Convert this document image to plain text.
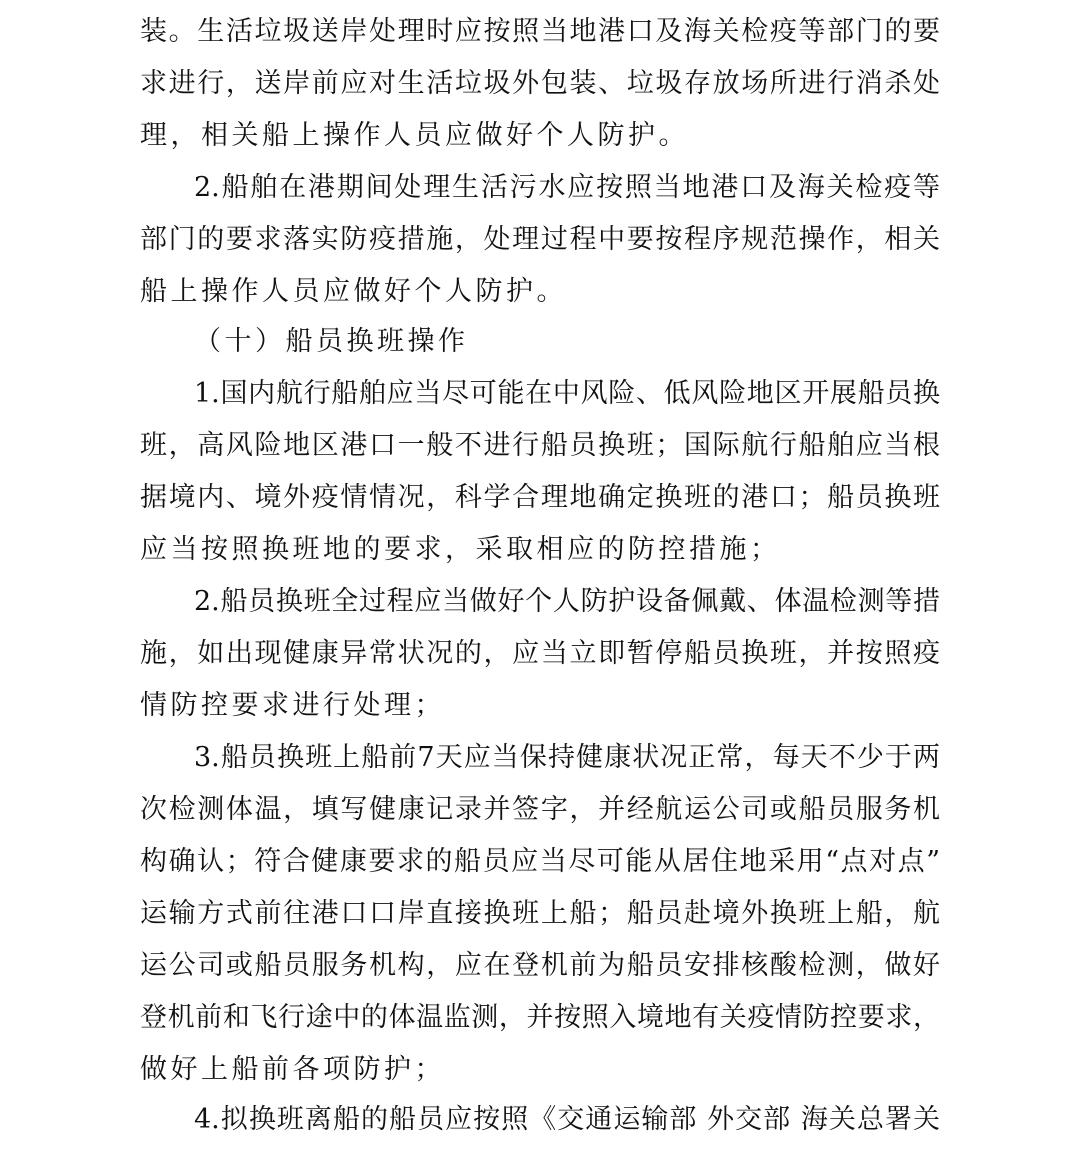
装。生活垃圾送岸处理时应按照当地港口及海关检疫等部门的要
求进行，送岸前应对生活垃圾外包装、垃圾存放场所进行消杀处
理，相关船上操作人员应做好个人防护。
2.船舶在港期间处理生活污水应按照当地港口及海关检疫等
部门的要求落实防疫措施，处理过程中要按程序规范操作，相关
船上操作人员应做好个人防护。
（十）船员换班操作
1.国内航行船舶应当尽可能在中风险、低风险地区开展船员换
班，高风险地区港口一般不进行船员换班；国际航行船舶应当根
据境内、境外疫情情况，科学合理地确定换班的港口；船员换班
应当按照换班地的要求，采取相应的防控措施；
2.船员换班全过程应当做好个人防护设备佩戴、体温检测等措
施，如出现健康异常状况的，应当立即暂停船员换班，并按照疫
情防控要求进行处理；
3.船员换班上船前7天应当保持健康状况正常，每天不少于两
次检测体温，填写健康记录并签字，并经航运公司或船员服务机
构确认；符合健康要求的船员应当尽可能从居住地采用“点对点”
运输方式前往港口口岸直接换班上船；船员赴境外换班上船，航
运公司或船员服务机构，应在登机前为船员安排核酸检测，做好
登机前和飞行途中的体温监测，并按照入境地有关疫情防控要求，
做好上船前各项防护；
4.拟换班离船的船员应按照《交通运输部 外交部 海关总署关
